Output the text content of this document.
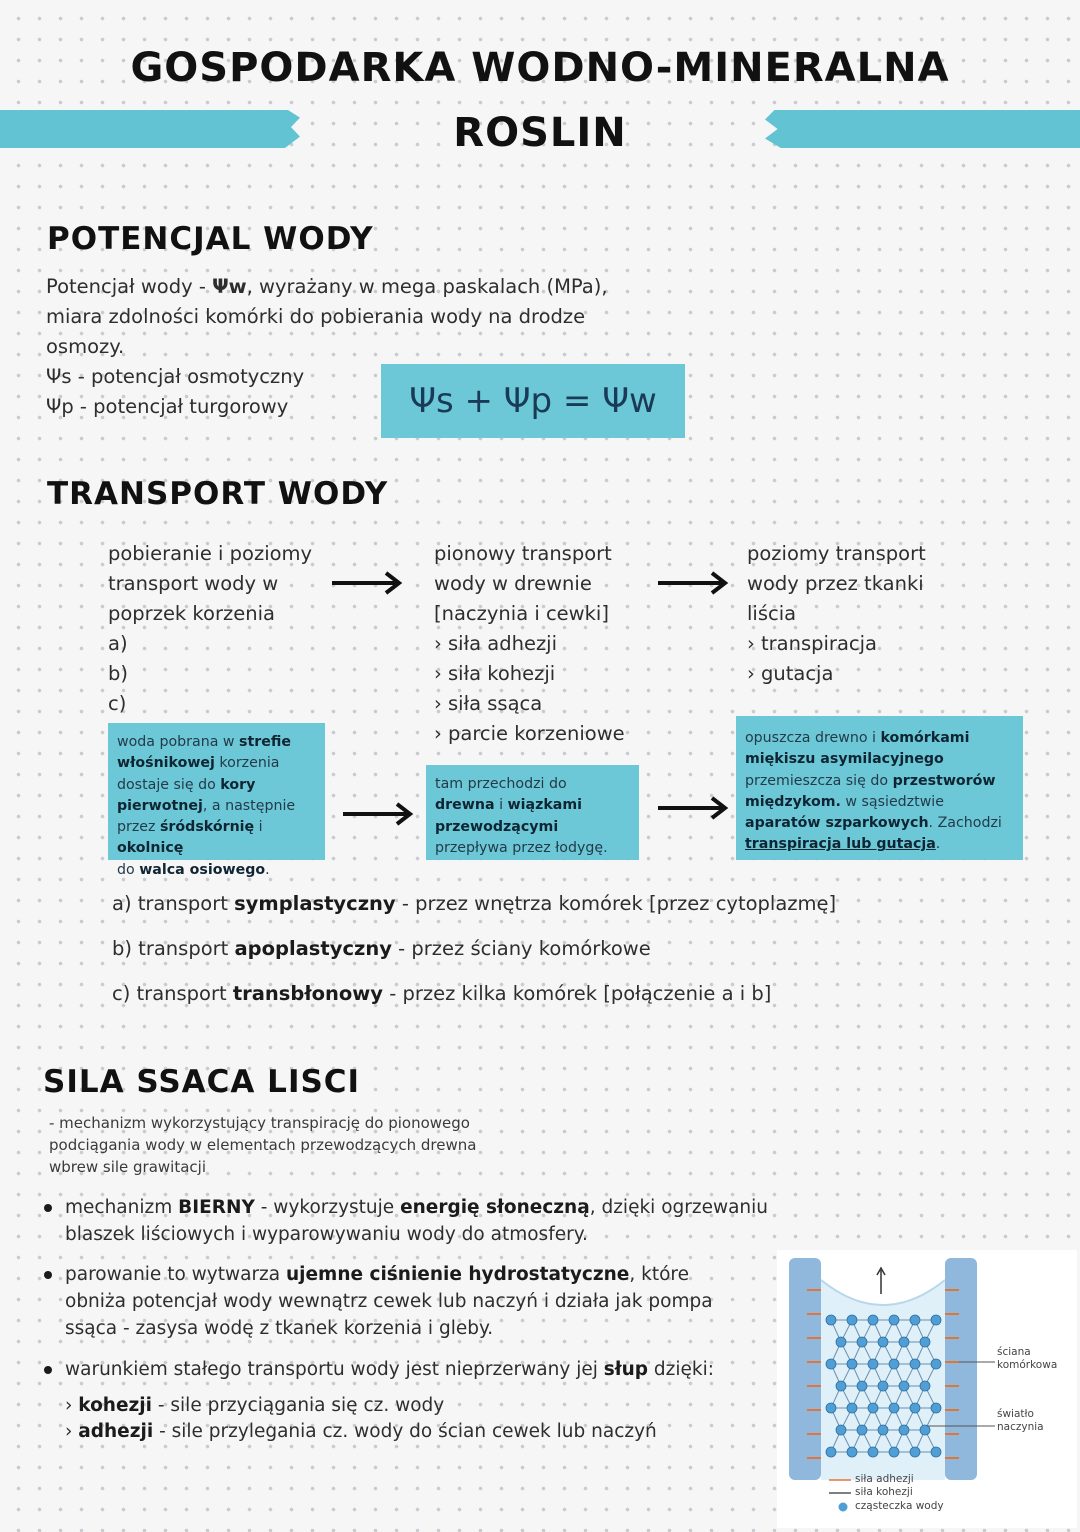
GOSPODARKA WODNO-MINERALNA
ROSLIN
POTENCJAL WODY
Potencjał wody - Ψw, wyrażany w mega paskalach (MPa),
miara zdolności komórki do pobierania wody na drodze
osmozy.
Ψs - potencjał osmotyczny
Ψp - potencjał turgorowy	Ψs + Ψp = Ψw
TRANSPORT WODY
pobieranie i poziomy
transport wody w
poprzek korzenia
a)
b)
c)
pionowy transport
wody w drewnie
[naczynia i cewki]
› siła adhezji
› siła kohezji
› siła ssąca
› parcie korzeniowe
poziomy transport
wody przez tkanki
liścia
› transpiracja
› gutacja
woda pobrana w strefie
włośnikowej korzenia
dostaje się do kory
pierwotnej, a następnie
przez śródskórnię i okolnicę
do walca osiowego.
tam przechodzi do
drewna i wiązkami
przewodzącymi
przepływa przez łodygę.
opuszcza drewno i komórkami
miękiszu asymilacyjnego
przemieszcza się do przestworów
międzykom. w sąsiedztwie
aparatów szparkowych. Zachodzi
transpiracja lub gutacja.
a) transport symplastyczny - przez wnętrza komórek [przez cytoplazmę]
b) transport apoplastyczny - przez ściany komórkowe
c) transport transbłonowy - przez kilka komórek [połączenie a i b]
SILA SSACA LISCI
- mechanizm wykorzystujący transpirację do pionowego
podciągania wody w elementach przewodzących drewna
wbrew sile grawitacji
mechanizm BIERNY - wykorzystuje energię słoneczną, dzięki ogrzewaniu
blaszek liściowych i wyparowywaniu wody do atmosfery.
parowanie to wytwarza ujemne ciśnienie hydrostatyczne, które
obniża potencjał wody wewnątrz cewek lub naczyń i działa jak pompa
ssąca - zasysa wodę z tkanek korzenia i gleby.
warunkiem stałego transportu wody jest nieprzerwany jej słup dzięki:
› kohezji - sile przyciągania się cz. wody
› adhezji - sile przylegania cz. wody do ścian cewek lub naczyń
ściana komórkowa
światło naczynia
siła adhezji
siła kohezji
cząsteczka wody
